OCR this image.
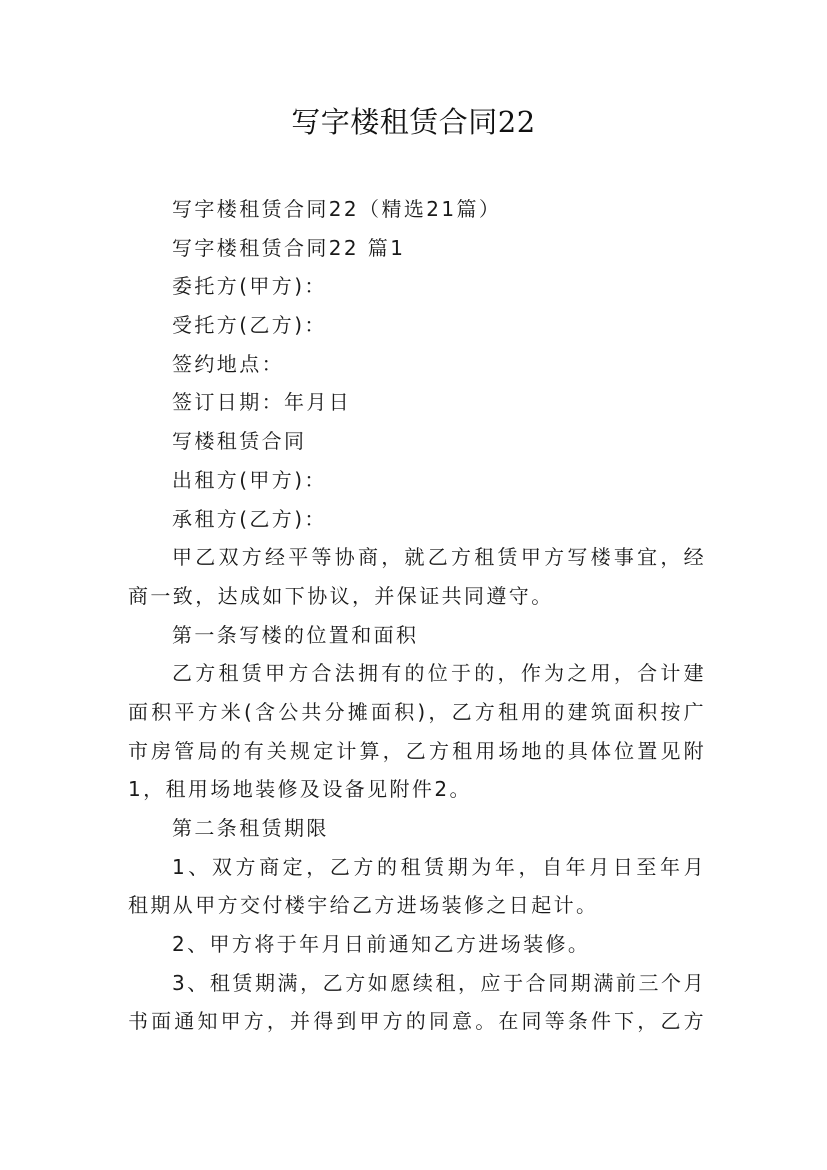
写字楼租赁合同22
写字楼租赁合同22（精选21篇）
写字楼租赁合同22 篇1
委托方(甲方)：
受托方(乙方)：
签约地点：
签订日期：年月日
写楼租赁合同
出租方(甲方)：
承租方(乙方)：
甲乙双方经平等协商，就乙方租赁甲方写楼事宜，经
商一致，达成如下协议，并保证共同遵守。
第一条写楼的位置和面积
乙方租赁甲方合法拥有的位于的，作为之用，合计建
面积平方米(含公共分摊面积)，乙方租用的建筑面积按广
市房管局的有关规定计算，乙方租用场地的具体位置见附
1，租用场地装修及设备见附件2。
第二条租赁期限
1、双方商定，乙方的租赁期为年，自年月日至年月
租期从甲方交付楼宇给乙方进场装修之日起计。
2、甲方将于年月日前通知乙方进场装修。
3、租赁期满，乙方如愿续租，应于合同期满前三个月
书面通知甲方，并得到甲方的同意。在同等条件下，乙方
